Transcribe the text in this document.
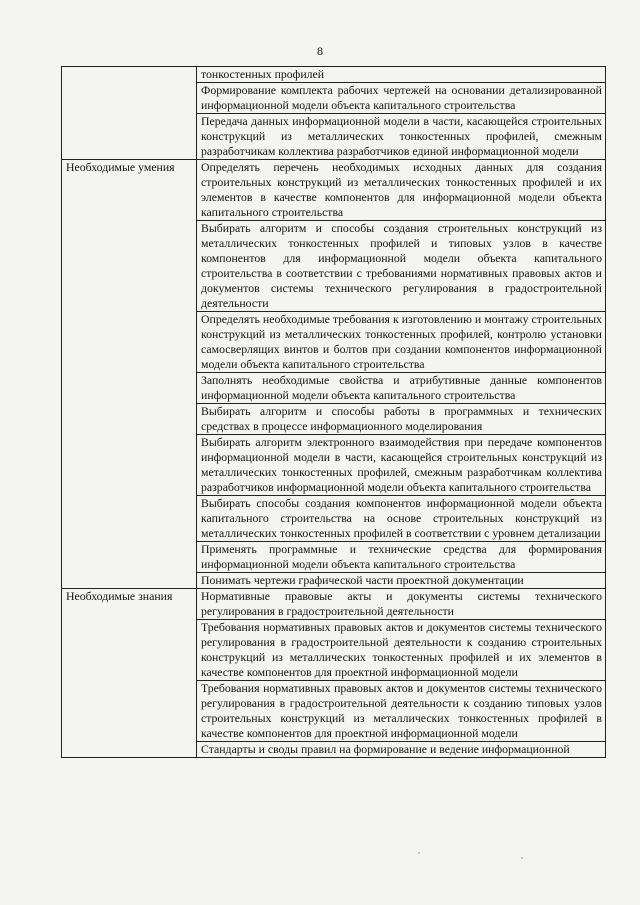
8
	тонкостенных профилей
	Формирование комплекта рабочих чертежей на основании детализированной информационной модели объекта капитального строительства
	Передача данных информационной модели в части, касающейся строительных конструкций из металлических тонкостенных профилей, смежным разработчикам коллектива разработчиков единой информационной модели
Необходимые умения	Определять перечень необходимых исходных данных для создания строительных конструкций из металлических тонкостенных профилей и их элементов в качестве компонентов для информационной модели объекта капитального строительства
	Выбирать алгоритм и способы создания строительных конструкций из металлических тонкостенных профилей и типовых узлов в качестве компонентов для информационной модели объекта капитального строительства в соответствии с требованиями нормативных правовых актов и документов системы технического регулирования в градостроительной деятельности
	Определять необходимые требования к изготовлению и монтажу строительных конструкций из металлических тонкостенных профилей, контролю установки самосверлящих винтов и болтов при создании компонентов информационной модели объекта капитального строительства
	Заполнять необходимые свойства и атрибутивные данные компонентов информационной модели объекта капитального строительства
	Выбирать алгоритм и способы работы в программных и технических средствах в процессе информационного моделирования
	Выбирать алгоритм электронного взаимодействия при передаче компонентов информационной модели в части, касающейся строительных конструкций из металлических тонкостенных профилей, смежным разработчикам коллектива разработчиков информационной модели объекта капитального строительства
	Выбирать способы создания компонентов информационной модели объекта капитального строительства на основе строительных конструкций из металлических тонкостенных профилей в соответствии с уровнем детализации
	Применять программные и технические средства для формирования информационной модели объекта капитального строительства
	Понимать чертежи графической части проектной документации
Необходимые знания	Нормативные правовые акты и документы системы технического регулирования в градостроительной деятельности
	Требования нормативных правовых актов и документов системы технического регулирования в градостроительной деятельности к созданию строительных конструкций из металлических тонкостенных профилей и их элементов в качестве компонентов для проектной информационной модели
	Требования нормативных правовых актов и документов системы технического регулирования в градостроительной деятельности к созданию типовых узлов строительных конструкций из металлических тонкостенных профилей в качестве компонентов для проектной информационной модели
	Стандарты и своды правил на формирование и ведение информационной
